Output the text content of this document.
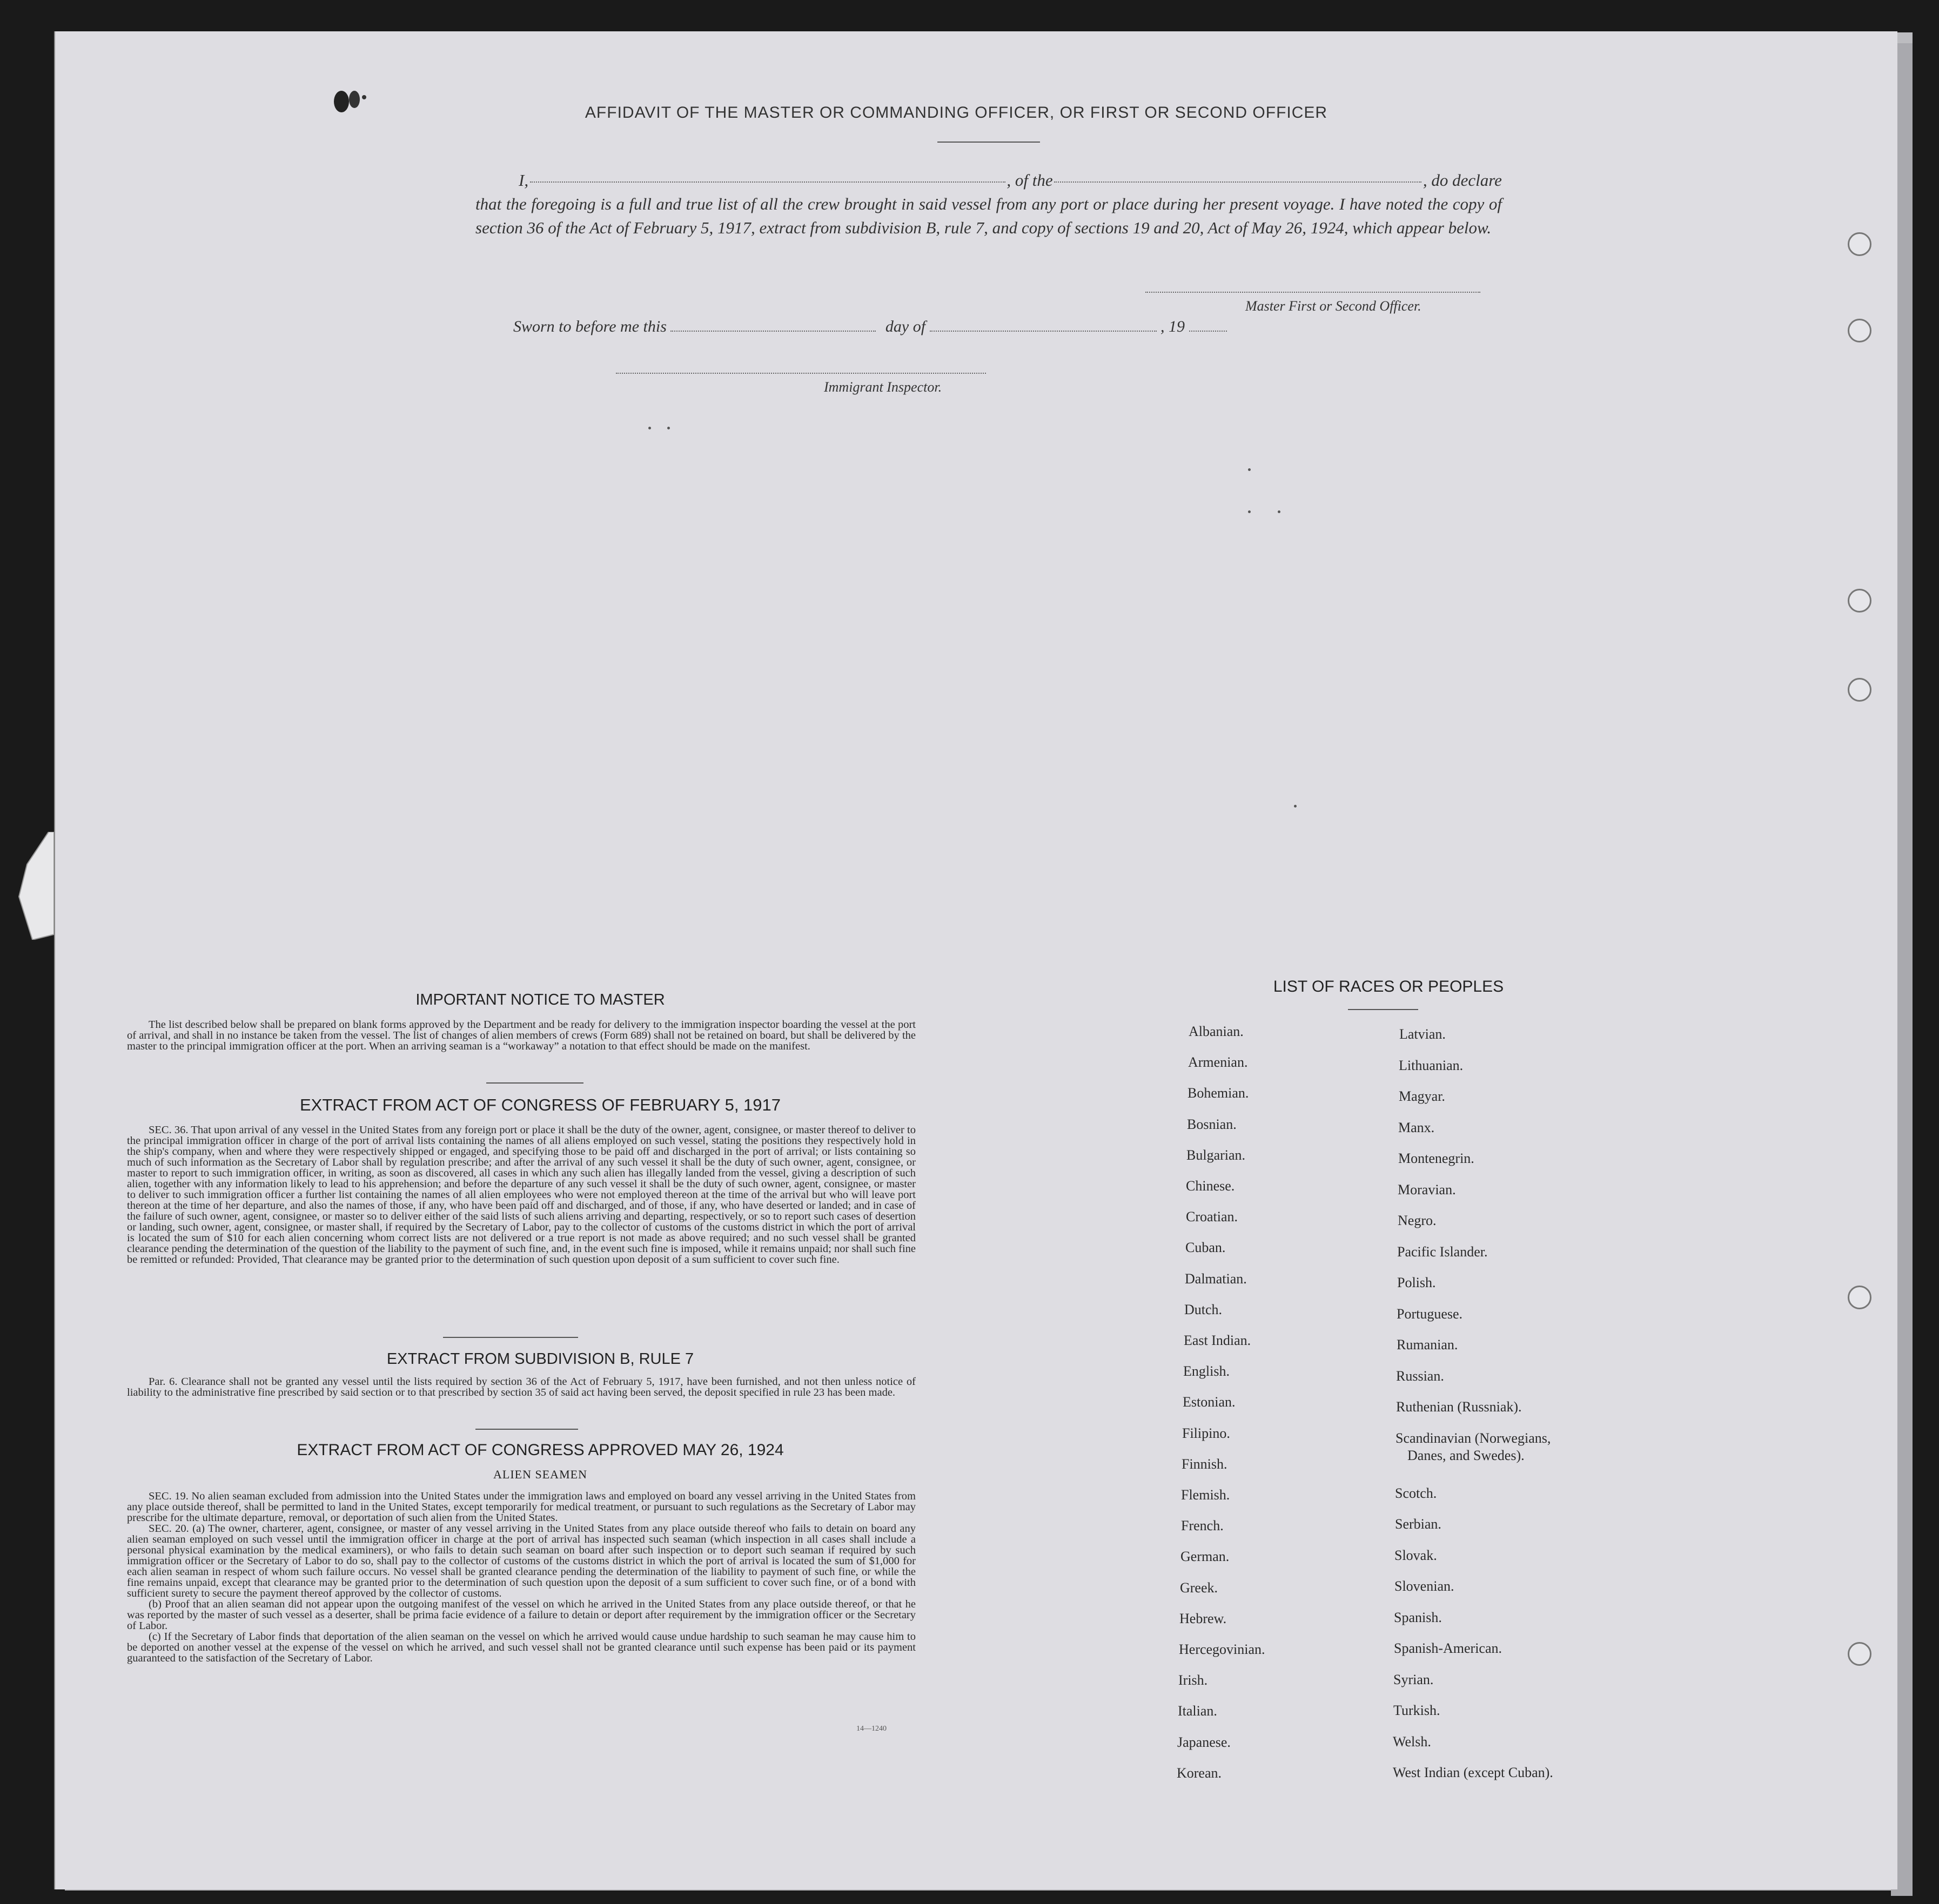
AFFIDAVIT OF THE MASTER OR COMMANDING OFFICER, OR FIRST OR SECOND OFFICER
I,	, of the	, do declare
that the foregoing is a full and true list of all the crew brought in said vessel from any port or place during her present voyage. I have noted the copy of section 36 of the Act of February 5, 1917, extract from subdivision B, rule 7, and copy of sections 19 and 20, Act of May 26, 1924, which appear below.
Master First or Second Officer.
Sworn to before me this	day of	, 19
Immigrant Inspector.
IMPORTANT NOTICE TO MASTER

The list described below shall be prepared on blank forms approved by the Department and be ready for delivery to the immigration inspector boarding the vessel at the port of arrival, and shall in no instance be taken from the vessel. The list of changes of alien members of crews (Form 689) shall not be retained on board, but shall be delivered by the master to the principal immigration officer at the port. When an arriving seaman is a “workaway” a notation to that effect should be made on the manifest.

EXTRACT FROM ACT OF CONGRESS OF FEBRUARY 5, 1917

SEC. 36. That upon arrival of any vessel in the United States from any foreign port or place it shall be the duty of the owner, agent, consignee, or master thereof to deliver to the principal immigration officer in charge of the port of arrival lists containing the names of all aliens employed on such vessel, stating the positions they respectively hold in the ship's company, when and where they were respectively shipped or engaged, and specifying those to be paid off and discharged in the port of arrival; or lists containing so much of such information as the Secretary of Labor shall by regulation prescribe; and after the arrival of any such vessel it shall be the duty of such owner, agent, consignee, or master to report to such immigration officer, in writing, as soon as discovered, all cases in which any such alien has illegally landed from the vessel, giving a description of such alien, together with any information likely to lead to his apprehension; and before the departure of any such vessel it shall be the duty of such owner, agent, consignee, or master to deliver to such immigration officer a further list containing the names of all alien employees who were not employed thereon at the time of the arrival but who will leave port thereon at the time of her departure, and also the names of those, if any, who have been paid off and discharged, and of those, if any, who have deserted or landed; and in case of the failure of such owner, agent, consignee, or master so to deliver either of the said lists of such aliens arriving and departing, respectively, or so to report such cases of desertion or landing, such owner, agent, consignee, or master shall, if required by the Secretary of Labor, pay to the collector of customs of the customs district in which the port of arrival is located the sum of $10 for each alien concerning whom correct lists are not delivered or a true report is not made as above required; and no such vessel shall be granted clearance pending the determination of the question of the liability to the payment of such fine, and, in the event such fine is imposed, while it remains unpaid; nor shall such fine be remitted or refunded: Provided, That clearance may be granted prior to the determination of such question upon deposit of a sum sufficient to cover such fine.

EXTRACT FROM SUBDIVISION B, RULE 7

Par. 6. Clearance shall not be granted any vessel until the lists required by section 36 of the Act of February 5, 1917, have been furnished, and not then unless notice of liability to the administrative fine prescribed by said section or to that prescribed by section 35 of said act having been served, the deposit specified in rule 23 has been made.

EXTRACT FROM ACT OF CONGRESS APPROVED MAY 26, 1924
ALIEN SEAMEN

SEC. 19. No alien seaman excluded from admission into the United States under the immigration laws and employed on board any vessel arriving in the United States from any place outside thereof, shall be permitted to land in the United States, except temporarily for medical treatment, or pursuant to such regulations as the Secretary of Labor may prescribe for the ultimate departure, removal, or deportation of such alien from the United States.

SEC. 20. (a) The owner, charterer, agent, consignee, or master of any vessel arriving in the United States from any place outside thereof who fails to detain on board any alien seaman employed on such vessel until the immigration officer in charge at the port of arrival has inspected such seaman (which inspection in all cases shall include a personal physical examination by the medical examiners), or who fails to detain such seaman on board after such inspection or to deport such seaman if required by such immigration officer or the Secretary of Labor to do so, shall pay to the collector of customs of the customs district in which the port of arrival is located the sum of $1,000 for each alien seaman in respect of whom such failure occurs. No vessel shall be granted clearance pending the determination of the liability to payment of such fine, or while the fine remains unpaid, except that clearance may be granted prior to the determination of such question upon the deposit of a sum sufficient to cover such fine, or of a bond with sufficient surety to secure the payment thereof approved by the collector of customs.

(b) Proof that an alien seaman did not appear upon the outgoing manifest of the vessel on which he arrived in the United States from any place outside thereof, or that he was reported by the master of such vessel as a deserter, shall be prima facie evidence of a failure to detain or deport after requirement by the immigration officer or the Secretary of Labor.

(c) If the Secretary of Labor finds that deportation of the alien seaman on the vessel on which he arrived would cause undue hardship to such seaman he may cause him to be deported on another vessel at the expense of the vessel on which he arrived, and such vessel shall not be granted clearance until such expense has been paid or its payment guaranteed to the satisfaction of the Secretary of Labor.

14—1240
LIST OF RACES OR PEOPLES
Albanian.
Armenian.
Bohemian.
Bosnian.
Bulgarian.
Chinese.
Croatian.
Cuban.
Dalmatian.
Dutch.
East Indian.
English.
Estonian.
Filipino.
Finnish.
Flemish.
French.
German.
Greek.
Hebrew.
Hercegovinian.
Irish.
Italian.
Japanese.
Korean.
Latvian.
Lithuanian.
Magyar.
Manx.
Montenegrin.
Moravian.
Negro.
Pacific Islander.
Polish.
Portuguese.
Rumanian.
Russian.
Ruthenian (Russniak).
Scandinavian (Norwegians,
Danes, and Swedes).
Scotch.
Serbian.
Slovak.
Slovenian.
Spanish.
Spanish-American.
Syrian.
Turkish.
Welsh.
West Indian (except Cuban).
